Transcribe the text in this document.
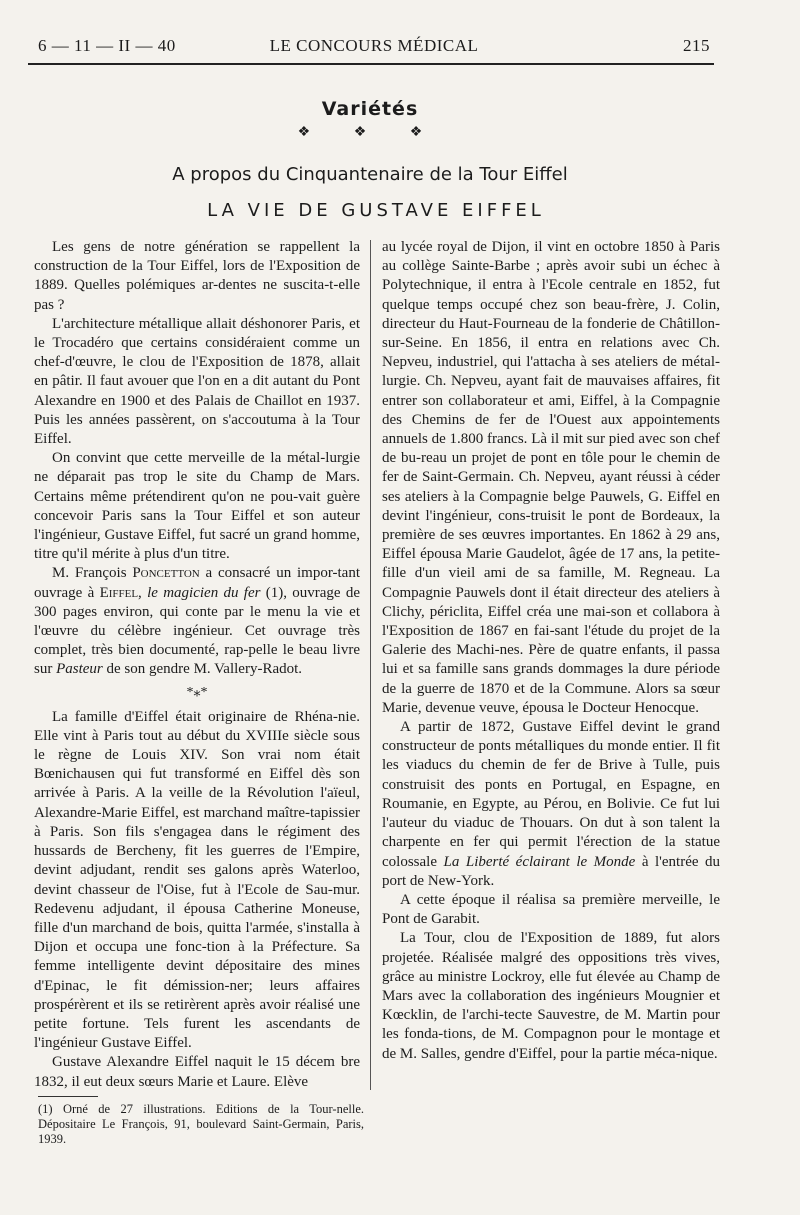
6 — 11 — II — 40	LE CONCOURS MÉDICAL	215
Variétés
❖ ❖ ❖
A propos du Cinquantenaire de la Tour Eiffel
LA VIE DE GUSTAVE EIFFEL

Les gens de notre génération se rappellent la construction de la Tour Eiffel, lors de l'Exposition de 1889. Quelles polémiques ar-dentes ne suscita-t-elle pas ?

L'architecture métallique allait déshonorer Paris, et le Trocadéro que certains considéraient comme un chef-d'œuvre, le clou de l'Exposition de 1878, allait en pâtir. Il faut avouer que l'on en a dit autant du Pont Alexandre en 1900 et des Palais de Chaillot en 1937. Puis les années passèrent, on s'accoutuma à la Tour Eiffel.

On convint que cette merveille de la métal-lurgie ne déparait pas trop le site du Champ de Mars. Certains même prétendirent qu'on ne pou-vait guère concevoir Paris sans la Tour Eiffel et son auteur l'ingénieur, Gustave Eiffel, fut sacré un grand homme, titre qu'il mérite à plus d'un titre.

M. François Poncetton a consacré un impor-tant ouvrage à Eiffel, le magicien du fer (1), ouvrage de 300 pages environ, qui conte par le menu la vie et l'œuvre du célèbre ingénieur. Cet ouvrage très complet, très bien documenté, rap-pelle le beau livre sur Pasteur de son gendre M. Vallery-Radot.

*⁎*

La famille d'Eiffel était originaire de Rhéna-nie. Elle vint à Paris tout au début du XVIIIe siècle sous le règne de Louis XIV. Son vrai nom était Bœnichausen qui fut transformé en Eiffel dès son arrivée à Paris. A la veille de la Révolution l'aïeul, Alexandre-Marie Eiffel, est marchand maître-tapissier à Paris. Son fils s'engagea dans le régiment des hussards de Bercheny, fit les guerres de l'Empire, devint adjudant, rendit ses galons après Waterloo, devint chasseur de l'Oise, fut à l'Ecole de Sau-mur. Redevenu adjudant, il épousa Catherine Moneuse, fille d'un marchand de bois, quitta l'armée, s'installa à Dijon et occupa une fonc-tion à la Préfecture. Sa femme intelligente devint dépositaire des mines d'Epinac, le fit démission-ner; leurs affaires prospérèrent et ils se retirèrent après avoir réalisé une petite fortune. Tels furent les ascendants de l'ingénieur Gustave Eiffel.

Gustave Alexandre Eiffel naquit le 15 décem bre 1832, il eut deux sœurs Marie et Laure. Elève

au lycée royal de Dijon, il vint en octobre 1850 à Paris au collège Sainte-Barbe ; après avoir subi un échec à Polytechnique, il entra à l'Ecole centrale en 1852, fut quelque temps occupé chez son beau-frère, J. Colin, directeur du Haut-Fourneau de la fonderie de Châtillon-sur-Seine. En 1856, il entra en relations avec Ch. Nepveu, industriel, qui l'attacha à ses ateliers de métal-lurgie. Ch. Nepveu, ayant fait de mauvaises affaires, fit entrer son collaborateur et ami, Eiffel, à la Compagnie des Chemins de fer de l'Ouest aux appointements annuels de 1.800 francs. Là il mit sur pied avec son chef de bu-reau un projet de pont en tôle pour le chemin de fer de Saint-Germain. Ch. Nepveu, ayant réussi à céder ses ateliers à la Compagnie belge Pauwels, G. Eiffel en devint l'ingénieur, cons-truisit le pont de Bordeaux, la première de ses œuvres importantes. En 1862 à 29 ans, Eiffel épousa Marie Gaudelot, âgée de 17 ans, la petite-fille d'un vieil ami de sa famille, M. Regneau. La Compagnie Pauwels dont il était directeur des ateliers à Clichy, périclita, Eiffel créa une mai-son et collabora à l'Exposition de 1867 en fai-sant l'étude du projet de la Galerie des Machi-nes. Père de quatre enfants, il passa lui et sa famille sans grands dommages la dure période de la guerre de 1870 et de la Commune. Alors sa sœur Marie, devenue veuve, épousa le Docteur Henocque.

A partir de 1872, Gustave Eiffel devint le grand constructeur de ponts métalliques du monde entier. Il fit les viaducs du chemin de fer de Brive à Tulle, puis construisit des ponts en Portugal, en Espagne, en Roumanie, en Egypte, au Pérou, en Bolivie. Ce fut lui l'auteur du viaduc de Thouars. On dut à son talent la charpente en fer qui permit l'érection de la statue colossale La Liberté éclairant le Monde à l'entrée du port de New-York.

A cette époque il réalisa sa première merveille, le Pont de Garabit.

La Tour, clou de l'Exposition de 1889, fut alors projetée. Réalisée malgré des oppositions très vives, grâce au ministre Lockroy, elle fut élevée au Champ de Mars avec la collaboration des ingénieurs Mougnier et Kœcklin, de l'archi-tecte Sauvestre, de M. Martin pour les fonda-tions, de M. Compagnon pour le montage et de M. Salles, gendre d'Eiffel, pour la partie méca-nique.

(1) Orné de 27 illustrations. Editions de la Tour-nelle. Dépositaire Le François, 91, boulevard Saint-Germain, Paris, 1939.
